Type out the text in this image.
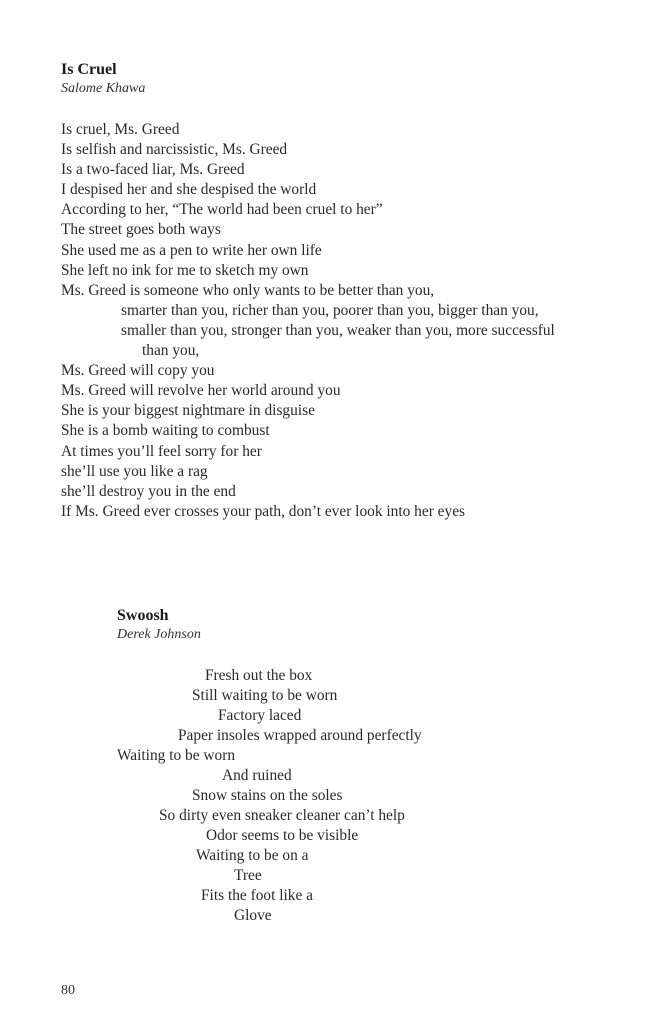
Is Cruel

Salome Khawa

Is cruel, Ms. Greed
Is selfish and narcissistic, Ms. Greed
Is a two-faced liar, Ms. Greed
I despised her and she despised the world
According to her, “The world had been cruel to her”
The street goes both ways
She used me as a pen to write her own life
She left no ink for me to sketch my own
Ms. Greed is someone who only wants to be better than you,
smarter than you, richer than you, poorer than you, bigger than you,
smaller than you, stronger than you, weaker than you, more successful
than you,
Ms. Greed will copy you
Ms. Greed will revolve her world around you
She is your biggest nightmare in disguise
She is a bomb waiting to combust
At times you’ll feel sorry for her
she’ll use you like a rag
she’ll destroy you in the end
If Ms. Greed ever crosses your path, don’t ever look into her eyes

Swoosh

Derek Johnson

Fresh out the box
Still waiting to be worn
Factory laced
Paper insoles wrapped around perfectly
Waiting to be worn
And ruined
Snow stains on the soles
So dirty even sneaker cleaner can’t help
Odor seems to be visible
Waiting to be on a
Tree
Fits the foot like a
Glove
80
